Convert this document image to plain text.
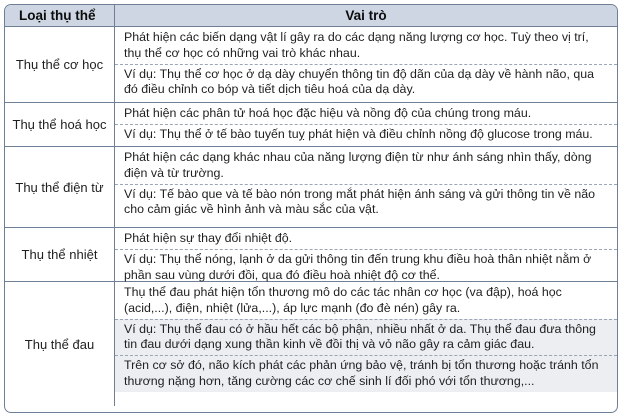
Loại thụ thể	Vai trò
Thụ thể cơ học
Phát hiện các biến dạng vật lí gây ra do các dạng năng lượng cơ học. Tuỳ theo vị trí, thụ thể cơ học có những vai trò khác nhau.
Ví dụ: Thụ thể cơ học ở dạ dày chuyển thông tin độ dãn của dạ dày về hành não, qua đó điều chỉnh co bóp và tiết dịch tiêu hoá của dạ dày.
Thụ thể hoá học
Phát hiện các phân tử hoá học đặc hiệu và nồng độ của chúng trong máu.
Ví dụ: Thụ thể ở tế bào tuyến tuỵ phát hiện và điều chỉnh nồng độ glucose trong máu.
Thụ thể điện từ
Phát hiện các dạng khác nhau của năng lượng điện từ như ánh sáng nhìn thấy, dòng điện và từ trường.
Ví dụ: Tế bào que và tế bào nón trong mắt phát hiện ánh sáng và gửi thông tin về não cho cảm giác về hình ảnh và màu sắc của vật.
Thụ thể nhiệt
Phát hiện sự thay đổi nhiệt độ.
Ví dụ: Thụ thể nóng, lạnh ở da gửi thông tin đến trung khu điều hoà thân nhiệt nằm ở phần sau vùng dưới đồi, qua đó điều hoà nhiệt độ cơ thể.
Thụ thể đau
Thụ thể đau phát hiện tổn thương mô do các tác nhân cơ học (va đập), hoá học (acid,...), điện, nhiệt (lửa,...), áp lực mạnh (đo đè nén) gây ra.
Ví dụ: Thụ thể đau có ở hầu hết các bộ phận, nhiều nhất ở da. Thụ thể đau đưa thông tin đau dưới dạng xung thần kinh về đồi thị và vỏ não gây ra cảm giác đau.
Trên cơ sở đó, não kích phát các phản ứng bảo vệ, tránh bị tổn thương hoặc tránh tổn thương nặng hơn, tăng cường các cơ chế sinh lí đối phó với tổn thương,...
